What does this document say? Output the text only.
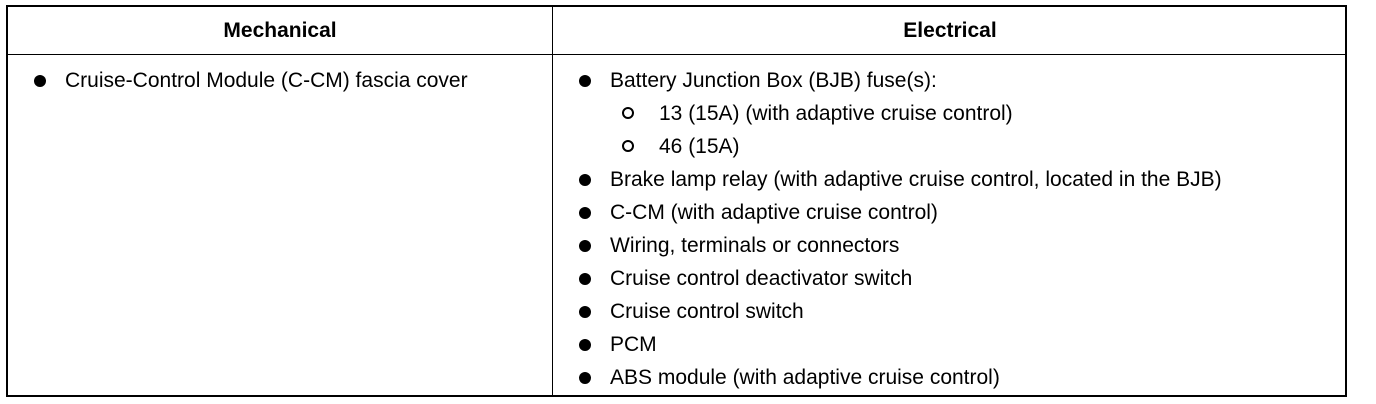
Mechanical	Electrical
Cruise-Control Module (C-CM) fascia cover	Battery Junction Box (BJB) fuse(s):
13 (15A) (with adaptive cruise control)
46 (15A)
Brake lamp relay (with adaptive cruise control, located in the BJB)
C-CM (with adaptive cruise control)
Wiring, terminals or connectors
Cruise control deactivator switch
Cruise control switch
PCM
ABS module (with adaptive cruise control)
